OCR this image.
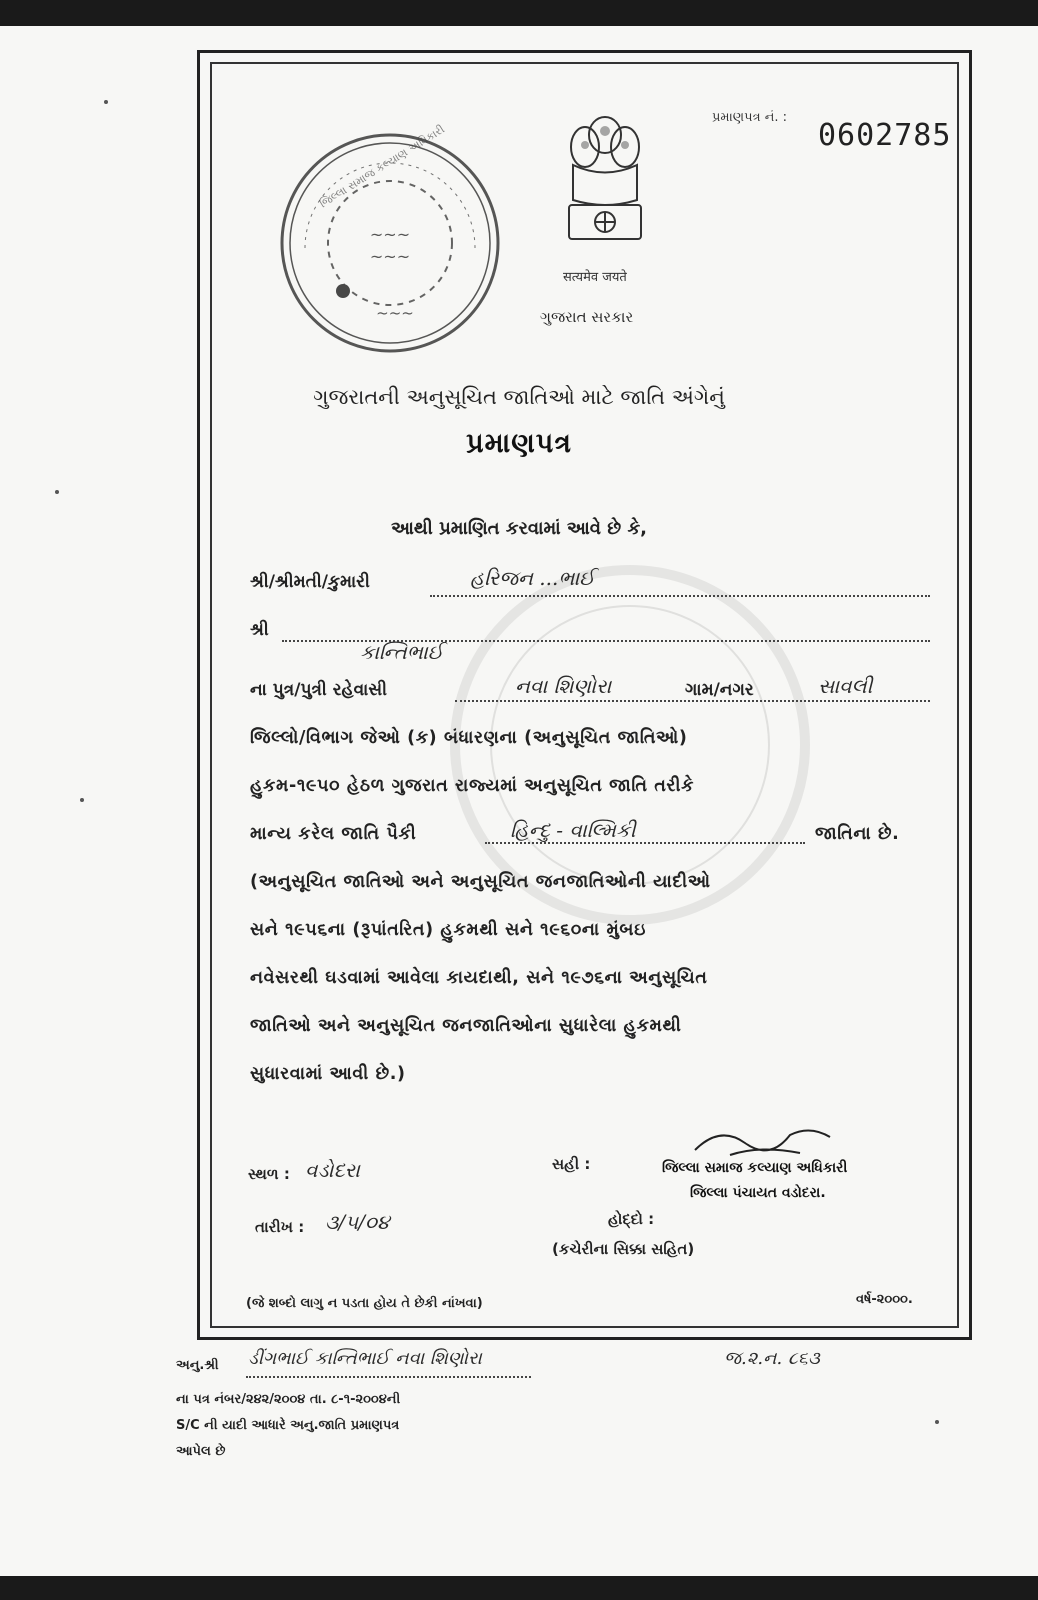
~~~
~~~
~~~
જિલ્લા સમાજ કલ્યાણ અધિકારી
सत्यमेव जयते
ગુજરાત સરકાર
પ્રમાણપત્ર નં. :
0602785
ગુજરાતની અનુસૂચિત જાતિઓ માટે જાતિ અંગેનું
પ્રમાણપત્ર
આથી પ્રમાણિત કરવામાં આવે છે કે,
શ્રી/શ્રીમતી/કુમારી	હરિજન ...ભાઈ
શ્રી
કાન્તિભાઈ
ના પુત્ર/પુત્રી રહેવાસી	નવા શિણોરા	ગામ/નગર	સાવલી
જિલ્લો/વિભાગ જેઓ (ક) બંધારણના (અનુસૂચિત જાતિઓ)
હુકમ-૧૯૫૦ હેઠળ ગુજરાત રાજ્યમાં અનુસૂચિત જાતિ તરીકે
માન્ય કરેલ જાતિ પૈકી	હિન્દુ - વાલ્મિકી	જાતિના છે.
(અનુસૂચિત જાતિઓ અને અનુસૂચિત જનજાતિઓની યાદીઓ
સને ૧૯૫૬ના (રૂપાંતરિત) હુકમથી સને ૧૯૬૦ના મુંબઇ
નવેસરથી ઘડવામાં આવેલા કાયદાથી, સને ૧૯૭૬ના અનુસૂચિત
જાતિઓ અને અનુસૂચિત જનજાતિઓના સુધારેલા હુકમથી
સુધારવામાં આવી છે.)
સ્થળ : વડોદરા
તારીખ : ૩/૫/૦૪
સહી :	જિલ્લા સમાજ કલ્યાણ અધિકારી
જિલ્લા પંચાયત વડોદરા.
હોદ્દો :
(કચેરીના સિક્કા સહિત)
(જે શબ્દો લાગુ ન પડતા હોય તે છેકી નાંખવા)	વર્ષ-૨૦૦૦.
અનુ.શ્રી ડીંગભાઈ કાન્તિભાઈ નવા શિણોરા	જ.૨.ન. ૮૬૩
ના પત્ર નંબર/૨૪૨/૨૦૦૪ તા. ૮-૧-૨૦૦૪ની
S/C ની યાદી આધારે અનુ.જાતિ પ્રમાણપત્ર
આપેલ છે
